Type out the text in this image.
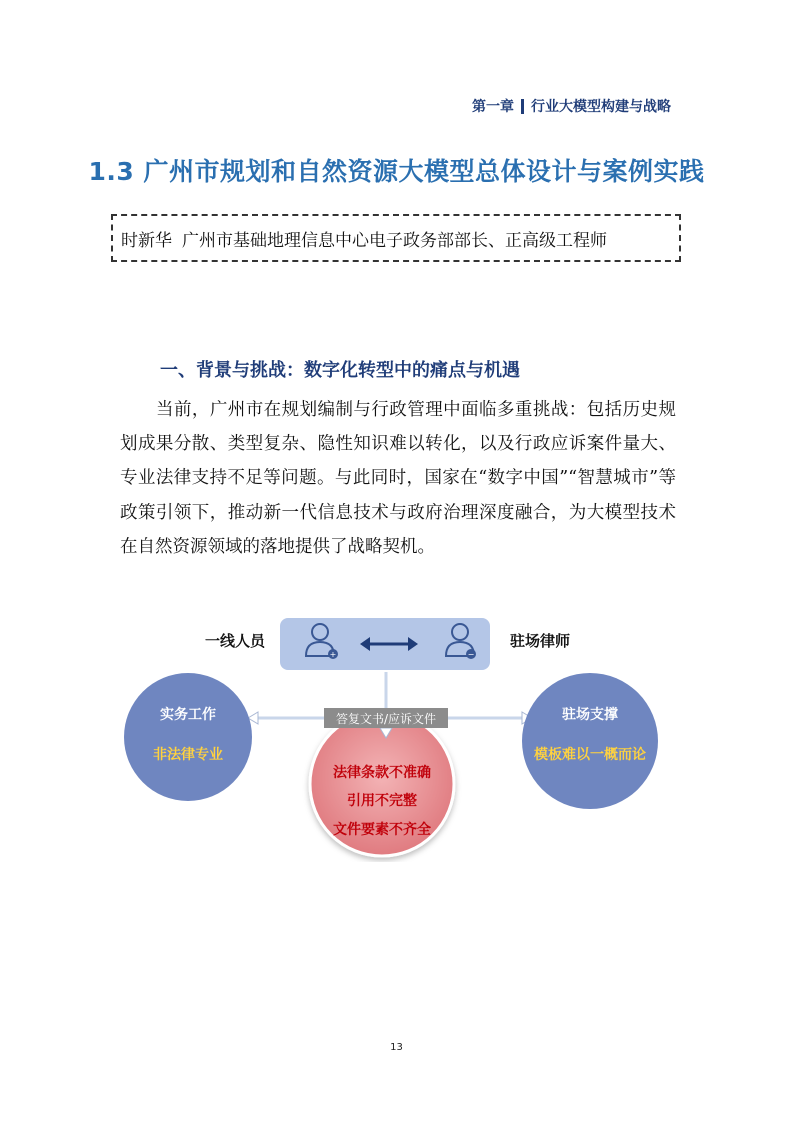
第一章 行业大模型构建与战略
1.3 广州市规划和自然资源大模型总体设计与案例实践
时新华 广州市基础地理信息中心电子政务部部长、正高级工程师
一、背景与挑战：数字化转型中的痛点与机遇

当前，广州市在规划编制与行政管理中面临多重挑战：包括历史规划成果分散、类型复杂、隐性知识难以转化，以及行政应诉案件量大、专业法律支持不足等问题。与此同时，国家在“数字中国”“智慧城市”等政策引领下，推动新一代信息技术与政府治理深度融合，为大模型技术在自然资源领域的落地提供了战略契机。

+	−
一线人员	驻场律师
实务工作
非法律专业
驻场支撑
模板难以一概而论
法律条款不准确
引用不完整
文件要素不齐全
答复文书/应诉文件
13
